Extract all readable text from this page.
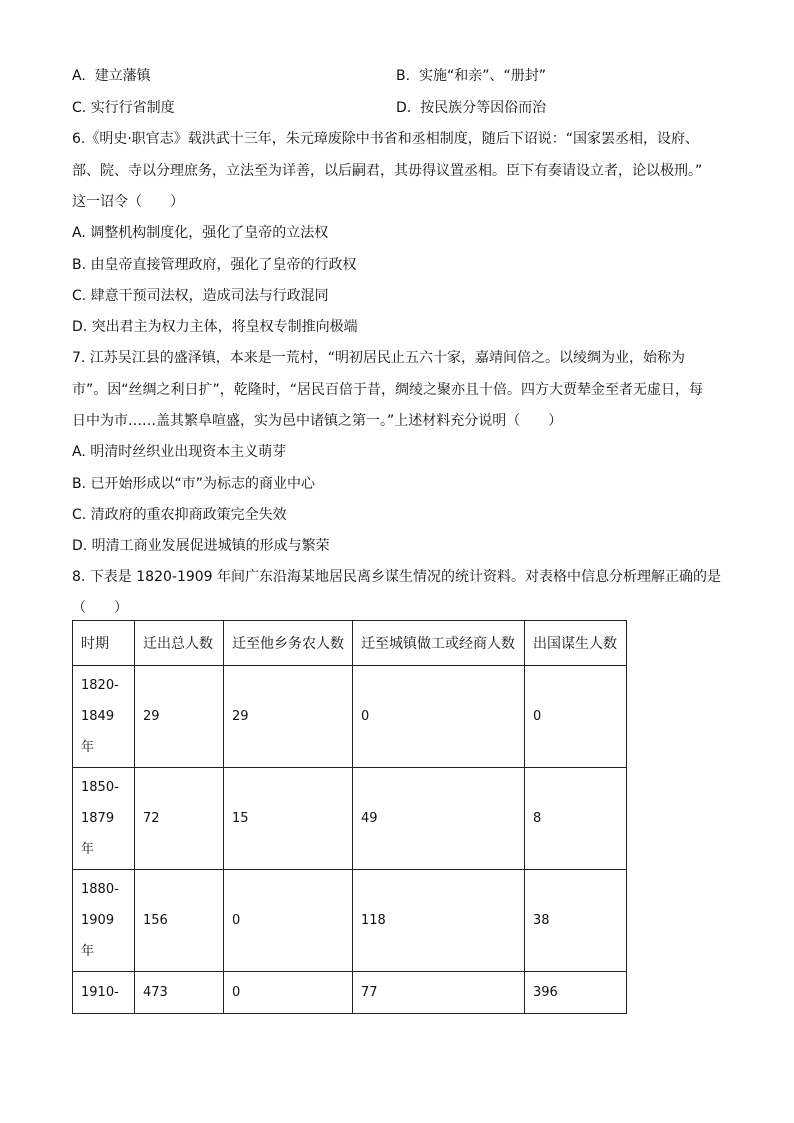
A. 建立藩镇	B. 实施“和亲”、“册封”
C. 实行行省制度	D. 按民族分等因俗而治
6.《明史·职官志》载洪武十三年，朱元璋废除中书省和丞相制度，随后下诏说：“国家罢丞相，设府、
部、院、寺以分理庶务，立法至为详善，以后嗣君，其毋得议置丞相。臣下有奏请设立者，论以极刑。”
这一诏令（　　）
A. 调整机构制度化，强化了皇帝的立法权
B. 由皇帝直接管理政府，强化了皇帝的行政权
C. 肆意干预司法权，造成司法与行政混同
D. 突出君主为权力主体，将皇权专制推向极端
7. 江苏吴江县的盛泽镇，本来是一荒村，“明初居民止五六十家，嘉靖间倍之。以绫绸为业，始称为
市”。因“丝绸之利日扩”，乾隆时，“居民百倍于昔，绸绫之聚亦且十倍。四方大贾辇金至者无虚日，每
日中为市……盖其繁阜喧盛，实为邑中诸镇之第一。”上述材料充分说明（　　）
A. 明清时丝织业出现资本主义萌芽
B. 已开始形成以“市”为标志的商业中心
C. 清政府的重农抑商政策完全失效
D. 明清工商业发展促进城镇的形成与繁荣
8. 下表是 1820-1909 年间广东沿海某地居民离乡谋生情况的统计资料。对表格中信息分析理解正确的是
（　　）
时期	迁出总人数	迁至他乡务农人数	迁至城镇做工或经商人数	出国谋生人数
1820-
1849
年	29	29	0	0
1850-
1879
年	72	15	49	8
1880-
1909
年	156	0	118	38
1910-	473	0	77	396
